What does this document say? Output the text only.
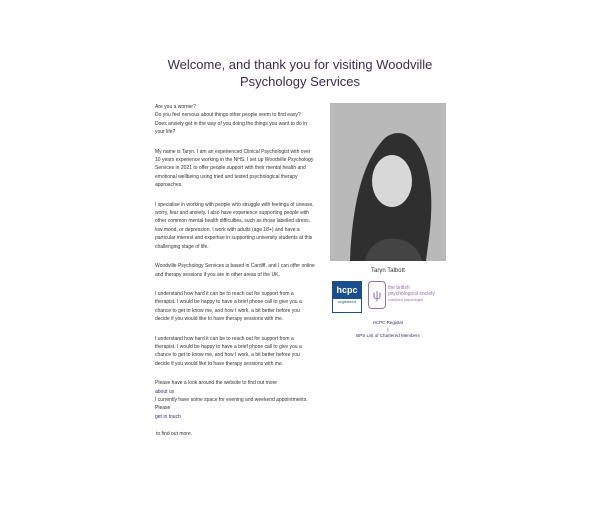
Welcome, and thank you for visiting Woodville
Psychology Services

Are you a worrier?
Do you feel nervous about things other people seem to find easy?
Does anxiety get in the way of you doing the things you want to do in your life?

My name is Taryn, I am an experienced Clinical Psychologist with over 10 years experience working in the NHS. I set up Woodville Psychology Services in 2021 to offer people support with their mental health and emotional wellbeing using tried and tested psychological therapy approaches.

I specialise in working with people who struggle with feelings of unease, worry, fear and anxiety. I also have experience supporting people with other common mental health difficulties, such as those labelled stress, low mood, or depression. I work with adults (age 18+) and have a particular interest and expertise in supporting university students at this challenging stage of life.

Woodville Psychology Services is based in Cardiff, and I can offer online and therapy sessions if you are in other areas of the UK.

I understand how hard it can be to reach out for support from a therapist. I would be happy to have a brief phone call to give you a chance to get to know me, and how I work, a bit better before you decide if you would like to have therapy sessions with me.

I understand how hard it can be to reach out for support from a therapist. I would be happy to have a brief phone call to give you a chance to get to know me, and how I work, a bit better before you decide if you would like to have therapy sessions with me.

Please have a look around the website to find out more
about us
I currently have some space for evening and weekend appointments. Please
get in touch
to find out more.
Taryn Talbott
hcpc
registered	ψ	the british
psychological society
chartered psychologist
HCPC Register
|
BPS List of Chartered Members
